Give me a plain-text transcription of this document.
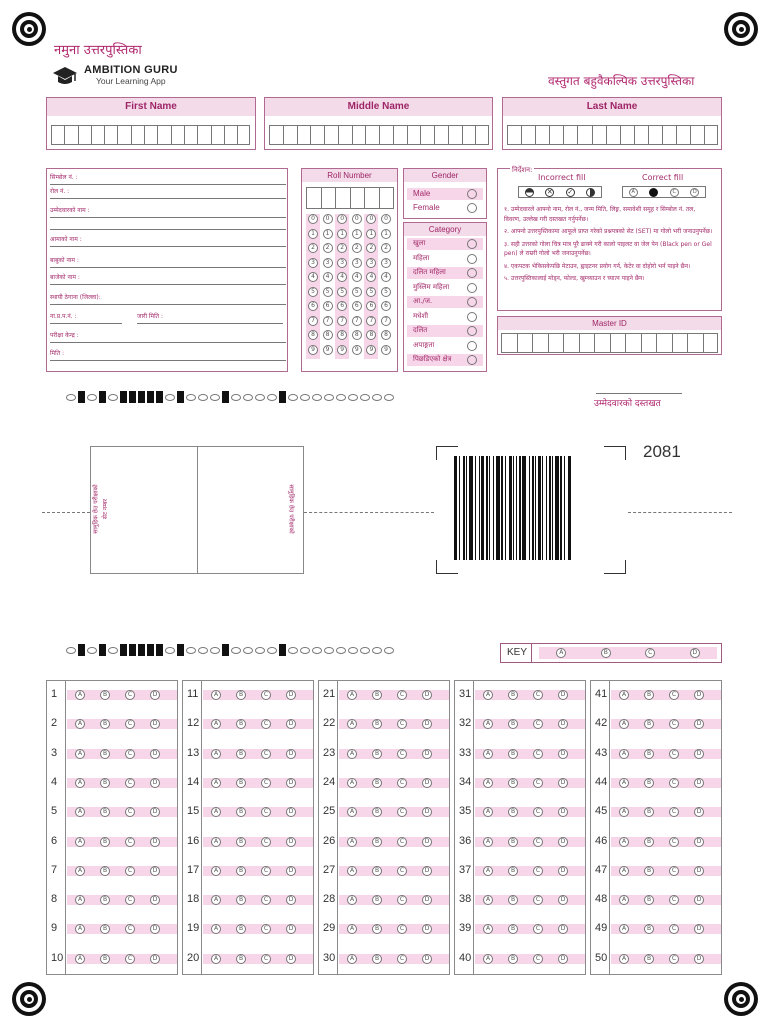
नमुना उत्तरपुस्तिका
AMBITION GURU
Your Learning App	वस्तुगत बहुवैकल्पिक उत्तरपुस्तिका
First Name	Middle Name	Last Name
सिम्बोल नं. :
रोल नं. :
उम्मेदवारको नाम :
आमाको नाम :
बाबुको नाम :
बाजेको नाम :
स्थायी ठेगाना (जिल्ला):
ना.प्र.प.नं. :	जारी मिति :
परीक्षा केन्द्र :
मिति :
Roll Number
0	0	0	0	0	0
1	1	1	1	1	1
2	2	2	2	2	2
3	3	3	3	3	3
4	4	4	4	4	4
5	5	5	5	5	5
6	6	6	6	6	6
7	7	7	7	7	7
8	8	8	8	8	8
9	9	9	9	9	9
Gender
Male
Female
Category
खुला
महिला
दलित महिला
मुस्लिम महिला
आ./ज.
मधेशी
दलित
अपाङ्गता
पिछडिएको क्षेत्र
निर्देशन:
Incorrect fill	Correct fill
✕ ✓	A	C	D
१. उम्मेदवारले आफ्नो नाम, रोल नं., जन्म मिति, लिङ्ग, समावेशी समूह र सिम्बोल नं. तल, विवरण, उल्लेख गरी दस्तखत गर्नुपर्नेछ।
२. आफ्नो उत्तरपुस्तिकामा आफूले प्राप्त गरेको प्रश्नपत्रको सेट (SET) मा गोलो भरी जनाउनुपर्नेछ।
३. सही उत्तरको गोला चित्र मात्र पूरै ढाक्ने गरी कालो पाइलट वा जेल पेन (Black pen or Gel pen) ले राम्ररी गोलो भरी जनाउनुपर्नेछ।
४. एकपटक भेकिसकेपछि मेटाउन, ह्वाइटनर प्रयोग गर्न, केटेर वा दोहोरो भर्न पाइने छैन।
५. उत्तरपुस्तिकालाई मोड्न, फोल्ड, खुम्च्याउन र च्यात्न पाइने छैन।
Master ID
उम्मेदवारको दस्तखत
सामुहिक छेउ परीक्षाको सेट नम्बर	सामुहिक छेउ परीक्षाको
2081
KEY	A	B	C	D
1	A	B	C	D
2	A	B	C	D
3	A	B	C	D
4	A	B	C	D
5	A	B	C	D
6	A	B	C	D
7	A	B	C	D
8	A	B	C	D
9	A	B	C	D
10	A	B	C	D
11	A	B	C	D
12	A	B	C	D
13	A	B	C	D
14	A	B	C	D
15	A	B	C	D
16	A	B	C	D
17	A	B	C	D
18	A	B	C	D
19	A	B	C	D
20	A	B	C	D
21	A	B	C	D
22	A	B	C	D
23	A	B	C	D
24	A	B	C	D
25	A	B	C	D
26	A	B	C	D
27	A	B	C	D
28	A	B	C	D
29	A	B	C	D
30	A	B	C	D
31	A	B	C	D
32	A	B	C	D
33	A	B	C	D
34	A	B	C	D
35	A	B	C	D
36	A	B	C	D
37	A	B	C	D
38	A	B	C	D
39	A	B	C	D
40	A	B	C	D
41	A	B	C	D
42	A	B	C	D
43	A	B	C	D
44	A	B	C	D
45	A	B	C	D
46	A	B	C	D
47	A	B	C	D
48	A	B	C	D
49	A	B	C	D
50	A	B	C	D
